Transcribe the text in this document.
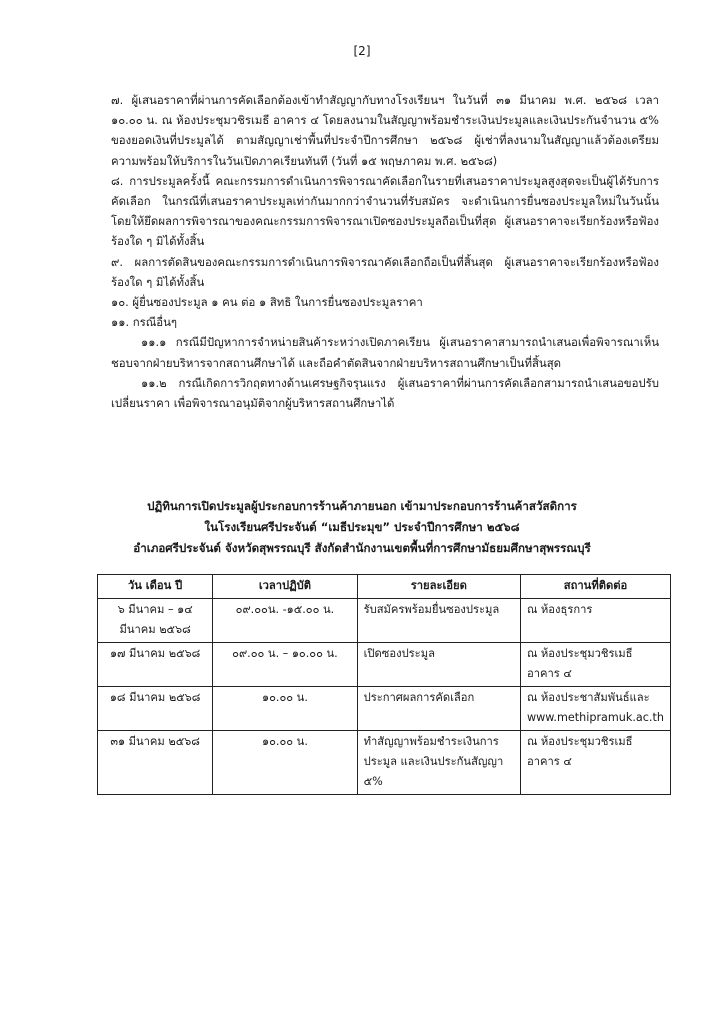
[2]

๗. ผู้เสนอราคาที่ผ่านการคัดเลือกต้องเข้าทำสัญญากับทางโรงเรียนฯ ในวันที่ ๓๑ มีนาคม พ.ศ. ๒๕๖๘ เวลา ๑๐.๐๐ น. ณ ห้องประชุมวชิรเมธี อาคาร ๔ โดยลงนามในสัญญาพร้อมชำระเงินประมูลและเงินประกันจำนวน ๕% ของยอดเงินที่ประมูลได้ ตามสัญญาเช่าพื้นที่ประจำปีการศึกษา ๒๕๖๘ ผู้เช่าที่ลงนามในสัญญาแล้วต้องเตรียมความพร้อมให้บริการในวันเปิดภาคเรียนทันที (วันที่ ๑๕ พฤษภาคม พ.ศ. ๒๕๖๘)

๘. การประมูลครั้งนี้ คณะกรรมการดำเนินการพิจารณาคัดเลือกในรายที่เสนอราคาประมูลสูงสุดจะเป็นผู้ได้รับการคัดเลือก ในกรณีที่เสนอราคาประมูลเท่ากันมากกว่าจำนวนที่รับสมัคร จะดำเนินการยื่นซองประมูลใหม่ในวันนั้น โดยให้ยึดผลการพิจารณาของคณะกรรมการพิจารณาเปิดซองประมูลถือเป็นที่สุด ผู้เสนอราคาจะเรียกร้องหรือฟ้องร้องใด ๆ มิได้ทั้งสิ้น

๙. ผลการตัดสินของคณะกรรมการดำเนินการพิจารณาคัดเลือกถือเป็นที่สิ้นสุด ผู้เสนอราคาจะเรียกร้องหรือฟ้องร้องใด ๆ มิได้ทั้งสิ้น

๑๐. ผู้ยื่นซองประมูล ๑ คน ต่อ ๑ สิทธิ ในการยื่นซองประมูลราคา

๑๑. กรณีอื่นๆ

๑๑.๑ กรณีมีปัญหาการจำหน่ายสินค้าระหว่างเปิดภาคเรียน ผู้เสนอราคาสามารถนำเสนอเพื่อพิจารณาเห็นชอบจากฝ่ายบริหารจากสถานศึกษาได้ และถือคำตัดสินจากฝ่ายบริหารสถานศึกษาเป็นที่สิ้นสุด

๑๑.๒ กรณีเกิดการวิกฤตทางด้านเศรษฐกิจรุนแรง ผู้เสนอราคาที่ผ่านการคัดเลือกสามารถนำเสนอขอปรับเปลี่ยนราคา เพื่อพิจารณาอนุมัติจากผู้บริหารสถานศึกษาได้

ปฏิทินการเปิดประมูลผู้ประกอบการร้านค้าภายนอก เข้ามาประกอบการร้านค้าสวัสดิการ
ในโรงเรียนศรีประจันต์ “เมธีประมุข” ประจำปีการศึกษา ๒๕๖๘
อำเภอศรีประจันต์ จังหวัดสุพรรณบุรี สังกัดสำนักงานเขตพื้นที่การศึกษามัธยมศึกษาสุพรรณบุรี
วัน เดือน ปี	เวลาปฏิบัติ	รายละเอียด	สถานที่ติดต่อ
๖ มีนาคม – ๑๔ มีนาคม ๒๕๖๘	๐๙.๐๐น. -๑๕.๐๐ น.	รับสมัครพร้อมยื่นซองประมูล	ณ ห้องธุรการ
๑๗ มีนาคม ๒๕๖๘	๐๙.๐๐ น. – ๑๐.๐๐ น.	เปิดซองประมูล	ณ ห้องประชุมวชิรเมธี อาคาร ๔
๑๘ มีนาคม ๒๕๖๘	๑๐.๐๐ น.	ประกาศผลการคัดเลือก	ณ ห้องประชาสัมพันธ์และ www.methipramuk.ac.th
๓๑ มีนาคม ๒๕๖๘	๑๐.๐๐ น.	ทำสัญญาพร้อมชำระเงินการประมูล และเงินประกันสัญญา ๕%	ณ ห้องประชุมวชิรเมธี อาคาร ๔
